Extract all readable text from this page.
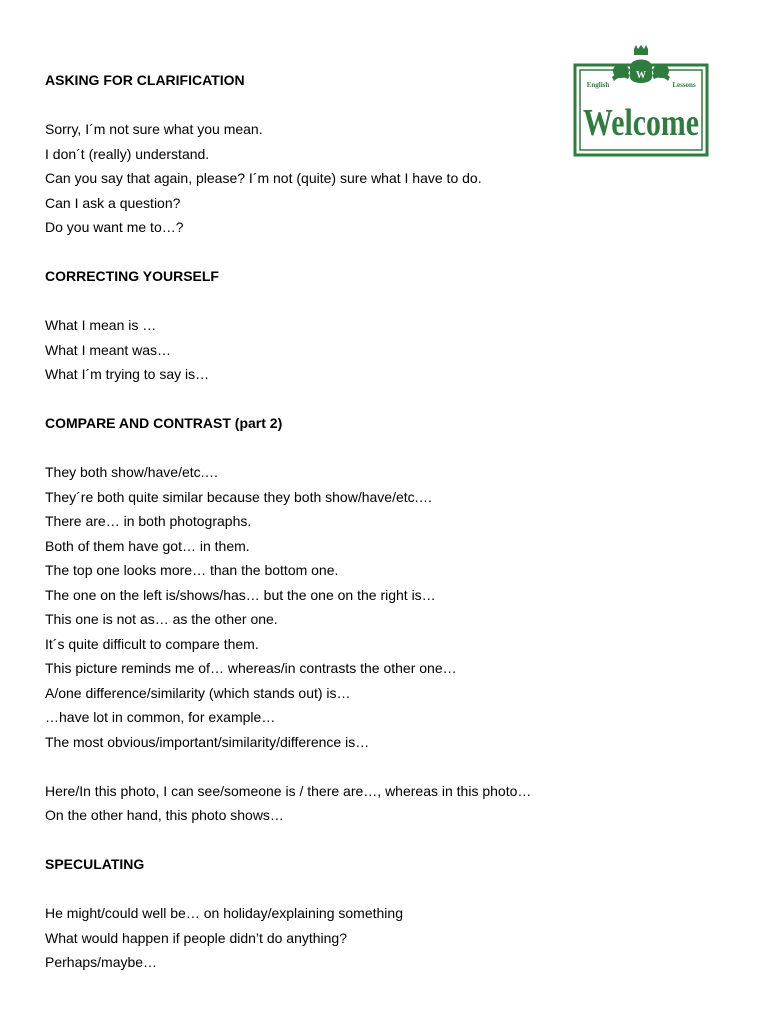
W
English	Lessons
Welcome

ASKING FOR CLARIFICATION

Sorry, I´m not sure what you mean.

I don´t (really) understand.

Can you say that again, please? I´m not (quite) sure what I have to do.

Can I ask a question?

Do you want me to…?

CORRECTING YOURSELF

What I mean is …

What I meant was…

What I´m trying to say is…

COMPARE AND CONTRAST (part 2)

They both show/have/etc.…

They´re both quite similar because they both show/have/etc.…

There are… in both photographs.

Both of them have got… in them.

The top one looks more… than the bottom one.

The one on the left is/shows/has… but the one on the right is…

This one is not as… as the other one.

It´s quite difficult to compare them.

This picture reminds me of… whereas/in contrasts the other one…

A/one difference/similarity (which stands out) is…

…have lot in common, for example…

The most obvious/important/similarity/difference is…

Here/In this photo, I can see/someone is / there are…, whereas in this photo…

On the other hand, this photo shows…

SPECULATING

He might/could well be… on holiday/explaining something

What would happen if people didn’t do anything?

Perhaps/maybe…
